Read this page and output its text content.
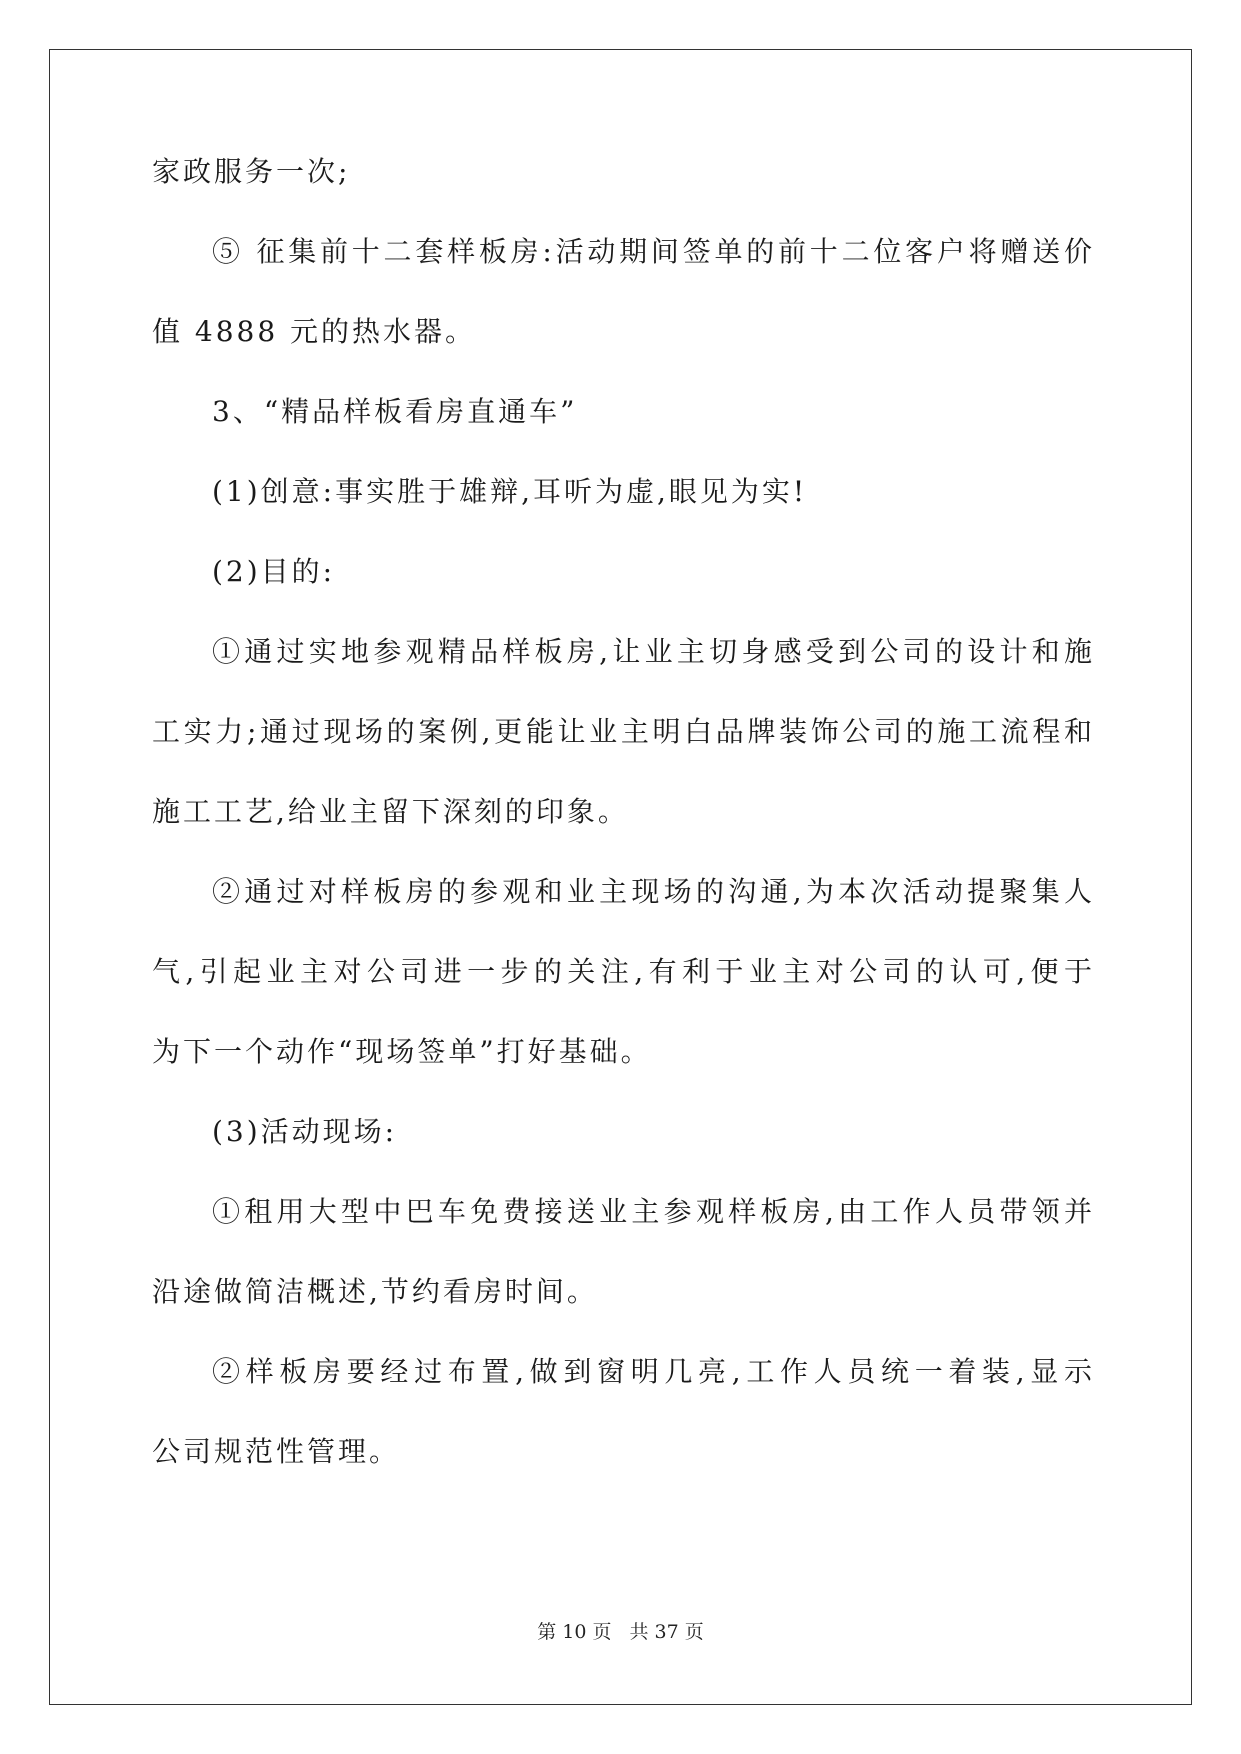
家政服务一次;
⑤ 征集前十二套样板房:活动期间签单的前十二位客户将赠送价
值 4888 元的热水器。
3、“精品样板看房直通车”
(1)创意:事实胜于雄辩,耳听为虚,眼见为实!
(2)目的:
①通过实地参观精品样板房,让业主切身感受到公司的设计和施
工实力;通过现场的案例,更能让业主明白品牌装饰公司的施工流程和
施工工艺,给业主留下深刻的印象。
②通过对样板房的参观和业主现场的沟通,为本次活动提聚集人
气,引起业主对公司进一步的关注,有利于业主对公司的认可,便于
为下一个动作“现场签单”打好基础。
(3)活动现场:
①租用大型中巴车免费接送业主参观样板房,由工作人员带领并
沿途做简洁概述,节约看房时间。
②样板房要经过布置,做到窗明几亮,工作人员统一着装,显示
公司规范性管理。
第 10 页 共 37 页
